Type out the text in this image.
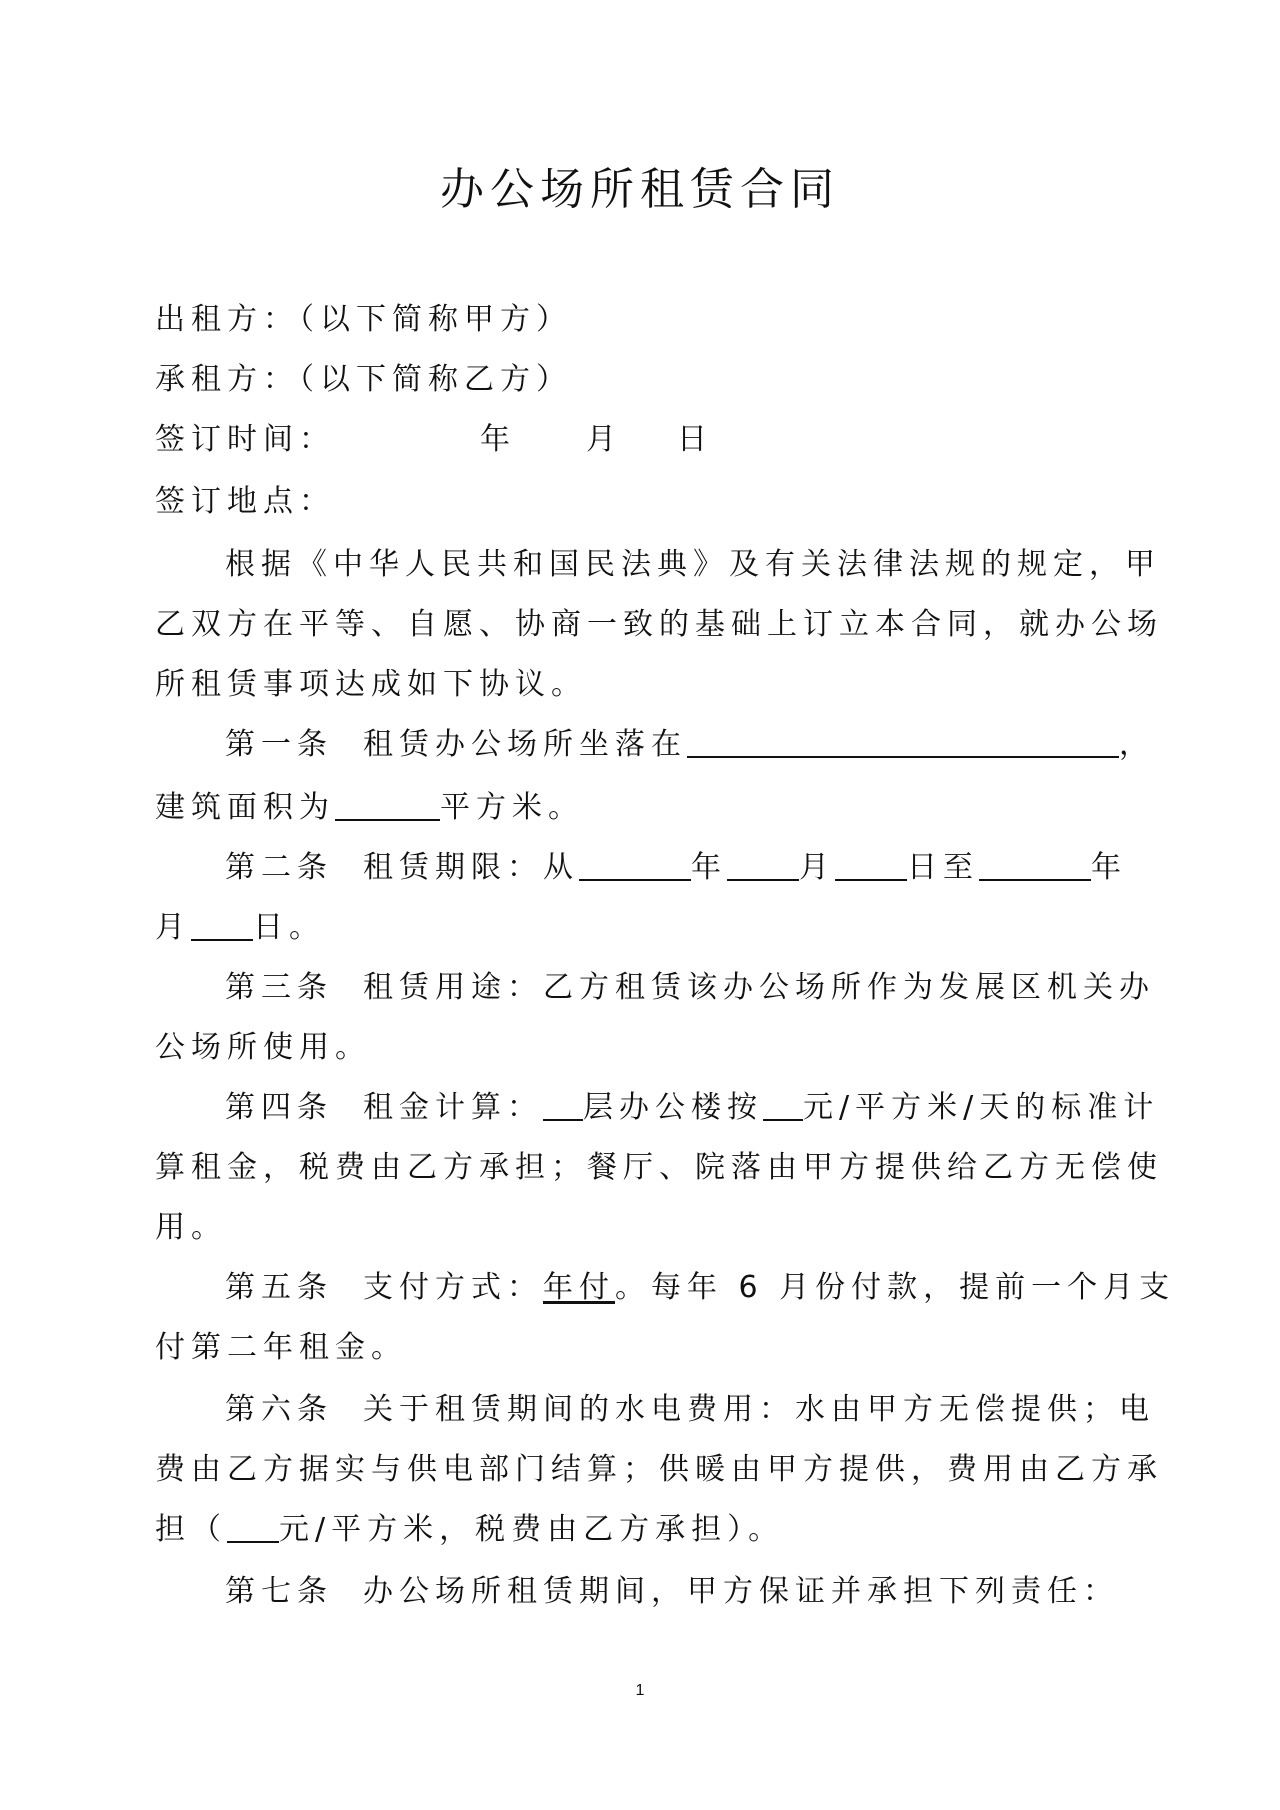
办公场所租赁合同
出租方：（以下简称甲方）
承租方：（以下简称乙方）
签订时间：	年 月 日
签订地点：
根据《中华人民共和国民法典》及有关法律法规的规定，甲
乙双方在平等、自愿、协商一致的基础上订立本合同，就办公场
所租赁事项达成如下协议。
第一条 租赁办公场所坐落在	，
建筑面积为	平方米。
第二条 租赁期限：从	年 月 日至	年
月 日。
第三条 租赁用途：乙方租赁该办公场所作为发展区机关办
公场所使用。
第四条 租金计算： 层办公楼按 元/平方米/天的标准计
算租金，税费由乙方承担；餐厅、院落由甲方提供给乙方无偿使
用。
第五条 支付方式：年付。每年 6 月份付款，提前一个月支
付第二年租金。
第六条 关于租赁期间的水电费用：水由甲方无偿提供；电
费由乙方据实与供电部门结算；供暖由甲方提供，费用由乙方承
担（ 元/平方米，税费由乙方承担）。
第七条 办公场所租赁期间，甲方保证并承担下列责任：
1
